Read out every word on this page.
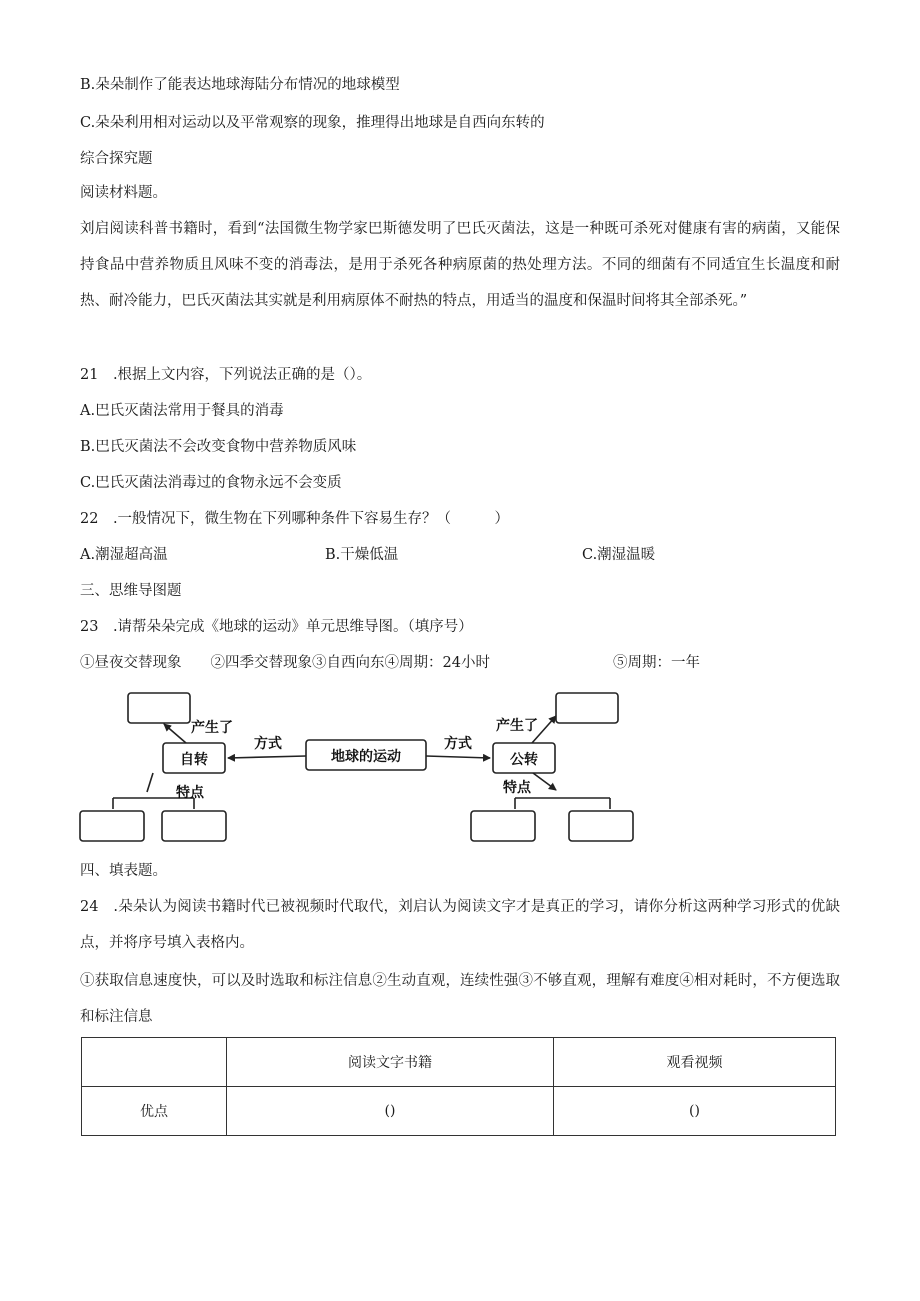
B.朵朵制作了能表达地球海陆分布情况的地球模型
C.朵朵利用相对运动以及平常观察的现象，推理得出地球是自西向东转的
综合探究题
阅读材料题。
刘启阅读科普书籍时，看到“法国微生物学家巴斯德发明了巴氏灭菌法，这是一种既可杀死对健康有害的病菌，又能保持食品中营养物质且风味不变的消毒法，是用于杀死各种病原菌的热处理方法。不同的细菌有不同适宜生长温度和耐热、耐冷能力，巴氏灭菌法其实就是利用病原体不耐热的特点，用适当的温度和保温时间将其全部杀死。”
21　.根据上文内容，下列说法正确的是（）。
A.巴氏灭菌法常用于餐具的消毒
B.巴氏灭菌法不会改变食物中营养物质风味
C.巴氏灭菌法消毒过的食物永远不会变质
22　.一般情况下，微生物在下列哪种条件下容易生存？（　　　）
A.潮湿超高温	B.干燥低温	C.潮湿温暖
三、思维导图题
23　.请帮朵朵完成《地球的运动》单元思维导图。（填序号）
①昼夜交替现象　　②四季交替现象③自西向东④周期：24小时	⑤周期：一年
地球的运动
自转	公转
方式	方式
产生了	产生了
特点	特点
四、填表题。
24　.朵朵认为阅读书籍时代已被视频时代取代，刘启认为阅读文字才是真正的学习，请你分析这两种学习形式的优缺点，并将序号填入表格内。
①获取信息速度快，可以及时选取和标注信息②生动直观，连续性强③不够直观，理解有难度④相对耗时，不方便选取和标注信息
	阅读文字书籍	观看视频
优点	()	()
